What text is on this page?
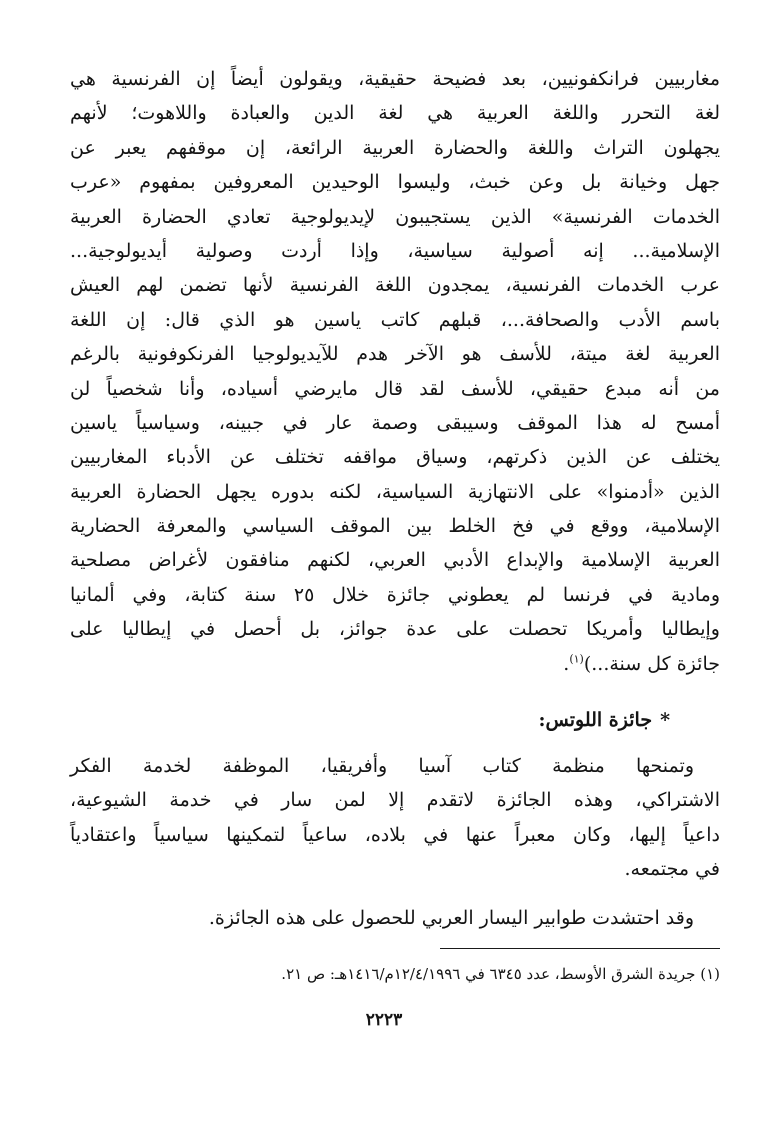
مغاربيين فرانكفونيين، بعد فضيحة حقيقية، ويقولون أيضاً إن الفرنسية هي
لغة التحرر واللغة العربية هي لغة الدين والعبادة واللاهوت؛ لأنهم
يجهلون التراث واللغة والحضارة العربية الرائعة، إن موقفهم يعبر عن
جهل وخيانة بل وعن خبث، وليسوا الوحيدين المعروفين بمفهوم «عرب
الخدمات الفرنسية» الذين يستجيبون لإيديولوجية تعادي الحضارة العربية
الإسلامية... إنه أصولية سياسية، وإذا أردت وصولية أيديولوجية...
عرب الخدمات الفرنسية، يمجدون اللغة الفرنسية لأنها تضمن لهم العيش
باسم الأدب والصحافة...، قبلهم كاتب ياسين هو الذي قال: إن اللغة
العربية لغة ميتة، للأسف هو الآخر هدم للآيديولوجيا الفرنكوفونية بالرغم
من أنه مبدع حقيقي، للأسف لقد قال مايرضي أسياده، وأنا شخصياً لن
أمسح له هذا الموقف وسيبقى وصمة عار في جبينه، وسياسياً ياسين
يختلف عن الذين ذكرتهم، وسياق مواقفه تختلف عن الأدباء المغاربيين
الذين «أدمنوا» على الانتهازية السياسية، لكنه بدوره يجهل الحضارة العربية
الإسلامية، ووقع في فخ الخلط بين الموقف السياسي والمعرفة الحضارية
العربية الإسلامية والإبداع الأدبي العربي، لكنهم منافقون لأغراض مصلحية
ومادية في فرنسا لم يعطوني جائزة خلال ٢٥ سنة كتابة، وفي ألمانيا
وإيطاليا وأمريكا تحصلت على عدة جوائز، بل أحصل في إيطاليا على
جائزة كل سنة...)$^{(١)}$.
*جائزة اللوتس:
وتمنحها منظمة كتاب آسيا وأفريقيا، الموظفة لخدمة الفكر
الاشتراكي، وهذه الجائزة لاتقدم إلا لمن سار في خدمة الشيوعية،
داعياً إليها، وكان معبراً عنها في بلاده، ساعياً لتمكينها سياسياً واعتقادياً
في مجتمعه.
وقد احتشدت طوابير اليسار العربي للحصول على هذه الجائزة.
(١) جريدة الشرق الأوسط، عدد ٦٣٤٥ في ١٢/٤/١٩٩٦م/١٤١٦هـ: ص ٢١.
٢٢٢٣
